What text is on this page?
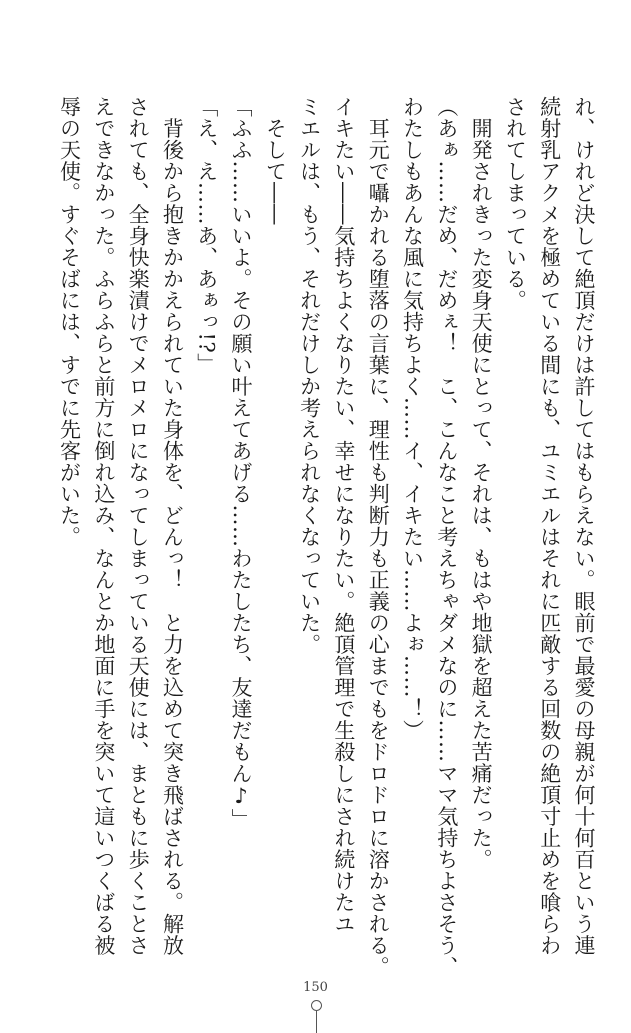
れ、けれど決して絶頂だけは許してはもらえない。眼前で最愛の母親が何十何百という連
続射乳アクメを極めている間にも、ユミエルはそれに匹敵する回数の絶頂寸止めを喰らわ
されてしまっている。
　開発されきった変身天使にとって、それは、もはや地獄を超えた苦痛だった。
（あぁ……だめ、だめぇ！　こ、こんなこと考えちゃダメなのに……ママ気持ちよさそう、
わたしもあんな風に気持ちよく……イ、イキたい……よぉ……！）
　耳元で囁かれる堕落の言葉に、理性も判断力も正義の心までもをドロドロに溶かされる。
イキたい――気持ちよくなりたい、幸せになりたい。絶頂管理で生殺しにされ続けたユ
ミエルは、もう、それだけしか考えられなくなっていた。
　そして――
「ふふ……いいよ。その願い叶えてあげる……わたしたち、友達だもん♪」
「え、え……あ、あぁっ!?」
　背後から抱きかかえられていた身体を、どんっ！　と力を込めて突き飛ばされる。解放
されても、全身快楽漬けでメロメロになってしまっている天使には、まともに歩くことさ
えできなかった。ふらふらと前方に倒れ込み、なんとか地面に手を突いて這いつくばる被
辱の天使。すぐそばには、すでに先客がいた。
150
